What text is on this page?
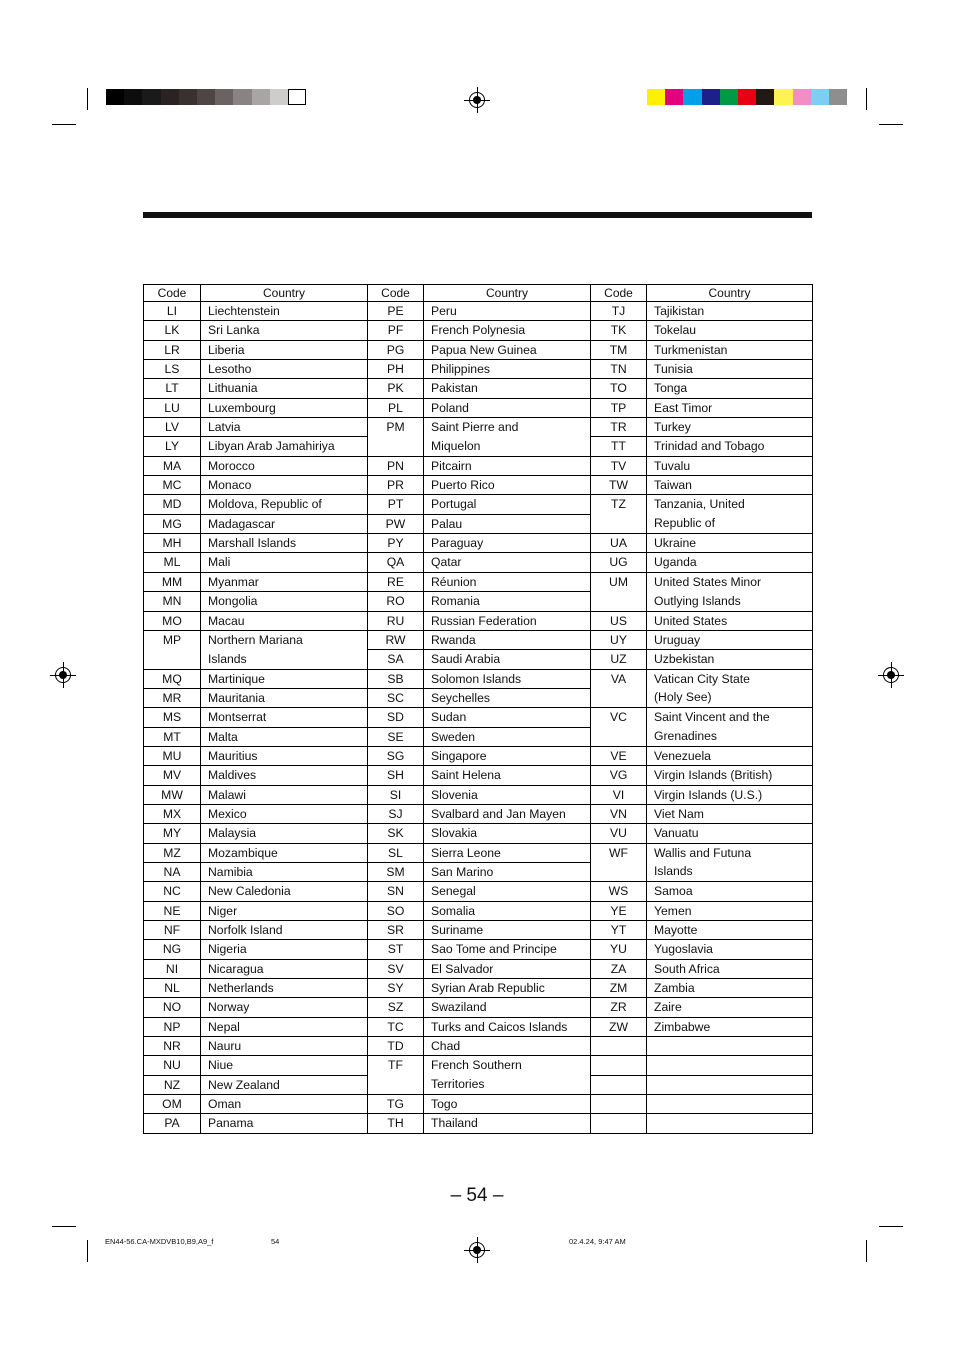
Code	Country	Code	Country	Code	Country
LI	Liechtenstein	PE	Peru	TJ	Tajikistan
LK	Sri Lanka	PF	French Polynesia	TK	Tokelau
LR	Liberia	PG	Papua New Guinea	TM	Turkmenistan
LS	Lesotho	PH	Philippines	TN	Tunisia
LT	Lithuania	PK	Pakistan	TO	Tonga
LU	Luxembourg	PL	Poland	TP	East Timor
LV	Latvia	PM	Saint Pierre and	TR	Turkey
LY	Libyan Arab Jamahiriya		Miquelon	TT	Trinidad and Tobago
MA	Morocco	PN	Pitcairn	TV	Tuvalu
MC	Monaco	PR	Puerto Rico	TW	Taiwan
MD	Moldova, Republic of	PT	Portugal	TZ	Tanzania, United
MG	Madagascar	PW	Palau		Republic of
MH	Marshall Islands	PY	Paraguay	UA	Ukraine
ML	Mali	QA	Qatar	UG	Uganda
MM	Myanmar	RE	Réunion	UM	United States Minor
MN	Mongolia	RO	Romania		Outlying Islands
MO	Macau	RU	Russian Federation	US	United States
MP	Northern Mariana	RW	Rwanda	UY	Uruguay
	Islands	SA	Saudi Arabia	UZ	Uzbekistan
MQ	Martinique	SB	Solomon Islands	VA	Vatican City State
MR	Mauritania	SC	Seychelles		(Holy See)
MS	Montserrat	SD	Sudan	VC	Saint Vincent and the
MT	Malta	SE	Sweden		Grenadines
MU	Mauritius	SG	Singapore	VE	Venezuela
MV	Maldives	SH	Saint Helena	VG	Virgin Islands (British)
MW	Malawi	SI	Slovenia	VI	Virgin Islands (U.S.)
MX	Mexico	SJ	Svalbard and Jan Mayen	VN	Viet Nam
MY	Malaysia	SK	Slovakia	VU	Vanuatu
MZ	Mozambique	SL	Sierra Leone	WF	Wallis and Futuna
NA	Namibia	SM	San Marino		Islands
NC	New Caledonia	SN	Senegal	WS	Samoa
NE	Niger	SO	Somalia	YE	Yemen
NF	Norfolk Island	SR	Suriname	YT	Mayotte
NG	Nigeria	ST	Sao Tome and Principe	YU	Yugoslavia
NI	Nicaragua	SV	El Salvador	ZA	South Africa
NL	Netherlands	SY	Syrian Arab Republic	ZM	Zambia
NO	Norway	SZ	Swaziland	ZR	Zaire
NP	Nepal	TC	Turks and Caicos Islands	ZW	Zimbabwe
NR	Nauru	TD	Chad		
NU	Niue	TF	French Southern		
NZ	New Zealand		Territories		
OM	Oman	TG	Togo		
PA	Panama	TH	Thailand		
– 54 –
EN44-56.CA-MXDVB10,B9,A9_f	54	02.4.24, 9:47 AM
